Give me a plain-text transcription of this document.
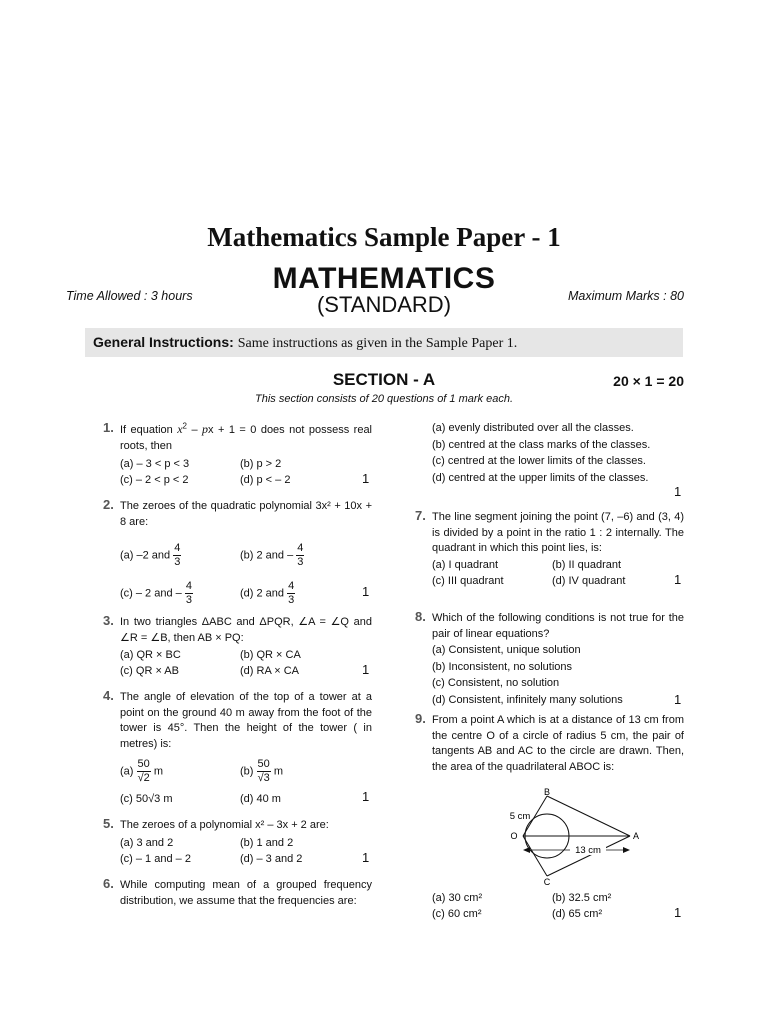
Mathematics Sample Paper - 1
MATHEMATICS
(STANDARD)
Time Allowed : 3 hours	Maximum Marks : 80
General Instructions: Same instructions as given in the Sample Paper 1.
SECTION - A	20 × 1 = 20
This section consists of 20 questions of 1 mark each.
1. If equation $x^2$ – px + 1 = 0 does not possess real roots, then
(a) – 3 < p < 3	(b) p > 2
(c) – 2 < p < 2	(d) p < – 2	1
2. The zeroes of the quadratic polynomial 3x² + 10x + 8 are:
(a) –2 and $\frac{4}{3}$	(b) 2 and – $\frac{4}{3}$
(c) – 2 and – $\frac{4}{3}$	(d) 2 and $\frac{4}{3}$	1
3. In two triangles ΔABC and ΔPQR, ∠A = ∠Q and ∠R = ∠B, then AB × PQ:
(a) QR × BC	(b) QR × CA
(c) QR × AB	(d) RA × CA	1
4. The angle of elevation of the top of a tower at a point on the ground 40 m away from the foot of the tower is 45°. Then the height of the tower ( in metres) is:
$(a) \frac{50}{√2}$ m	$(b) \frac{50}{√3}$ m
(c) 50√3 m	(d) 40 m	1
5. The zeroes of a polynomial x² – 3x + 2 are:
(a) 3 and 2	(b) 1 and 2
(c) – 1 and – 2	(d) – 3 and 2	1
6. While computing mean of a grouped frequency distribution, we assume that the frequencies are:
(a) evenly distributed over all the classes.
(b) centred at the class marks of the classes.
(c) centred at the lower limits of the classes.
(d) centred at the upper limits of the classes.
1
7. The line segment joining the point (7, –6) and (3, 4) is divided by a point in the ratio 1 : 2 internally. The quadrant in which this point lies, is:
(a) I quadrant	(b) II quadrant
(c) III quadrant	(d) IV quadrant	1
8. Which of the following conditions is not true for the pair of linear equations?
(a) Consistent, unique solution
(b) Inconsistent, no solutions
(c) Consistent, no solution
(d) Consistent, infinitely many solutions	1
9. From a point A which is at a distance of 13 cm from the centre O of a circle of radius 5 cm, the pair of tangents AB and AC to the circle are drawn. Then, the area of the quadrilateral ABOC is:
13 cm
5 cm
B
C
O	A
(a) 30 cm²	(b) 32.5 cm²
(c) 60 cm²	(d) 65 cm²	1
